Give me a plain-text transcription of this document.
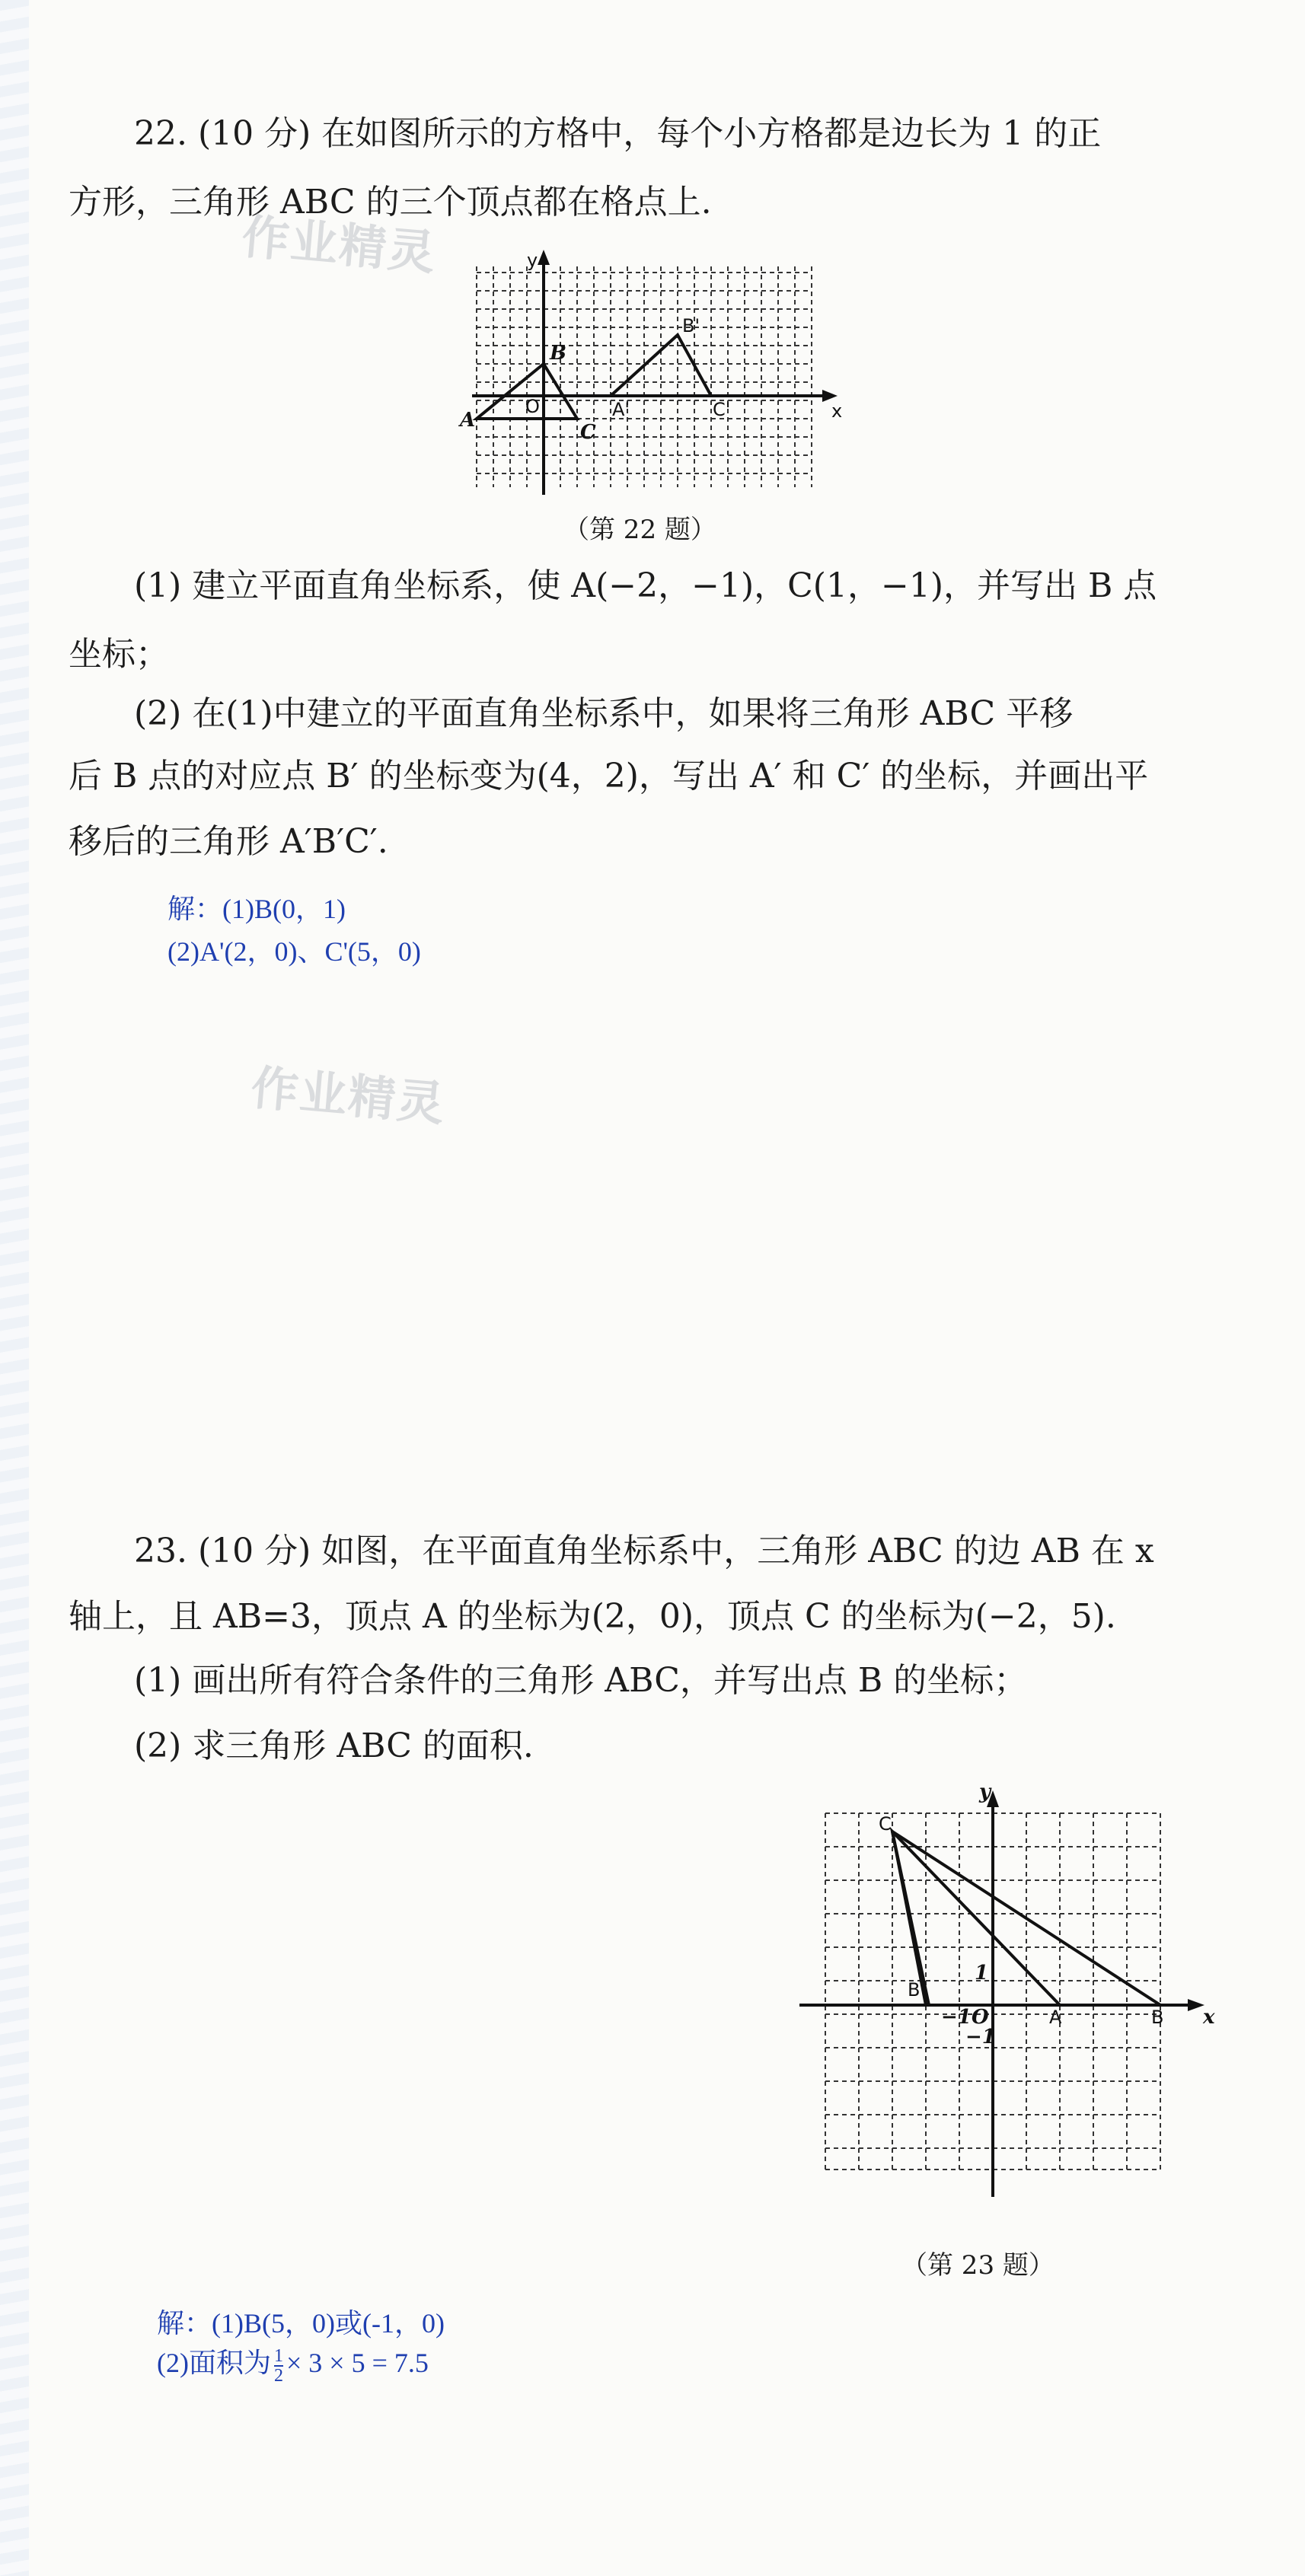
22. (10 分) 在如图所示的方格中，每个小方格都是边长为 1 的正
方形，三角形 ABC 的三个顶点都在格点上.
作业精灵	y
x
O
A
B
C
A'
B'
C'
（第 22 题）
(1) 建立平面直角坐标系，使 A(−2，−1)，C(1，−1)，并写出 B 点
坐标；
(2) 在(1)中建立的平面直角坐标系中，如果将三角形 ABC 平移
后 B 点的对应点 B′ 的坐标变为(4，2)，写出 A′ 和 C′ 的坐标，并画出平
移后的三角形 A′B′C′.
解：(1)B(0，1)
(2)A'(2，0)、C'(5，0)
作业精灵
23. (10 分) 如图，在平面直角坐标系中，三角形 ABC 的边 AB 在 x
轴上，且 AB=3，顶点 A 的坐标为(2，0)，顶点 C 的坐标为(−2，5).
(1) 画出所有符合条件的三角形 ABC，并写出点 B 的坐标；
(2) 求三角形 ABC 的面积.
y
x
O
C
B
A	B
1
−1
−1
（第 23 题）
解：(1)B(5，0)或(-1，0)
(2)面积为 $\frac{1}{2} \times 3 \times 5 = 7.5$
